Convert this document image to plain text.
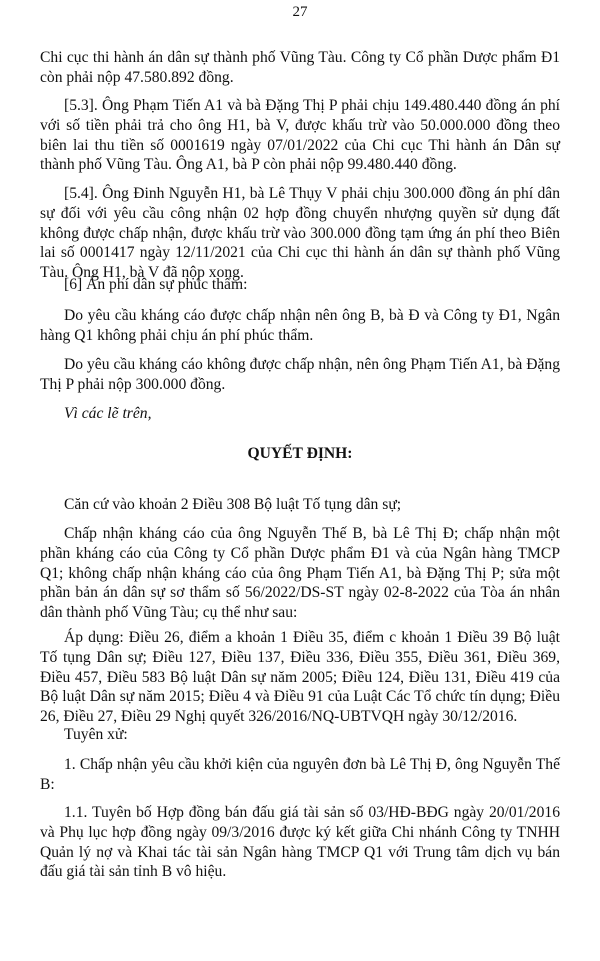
27

Chi cục thi hành án dân sự thành phố Vũng Tàu. Công ty Cổ phần Dược phẩm Đ1 còn phải nộp 47.580.892 đồng.

[5.3]. Ông Phạm Tiến A1 và bà Đặng Thị P phải chịu 149.480.440 đồng án phí với số tiền phải trả cho ông H1, bà V, được khấu trừ vào 50.000.000 đồng theo biên lai thu tiền số 0001619 ngày 07/01/2022 của Chi cục Thi hành án Dân sự thành phố Vũng Tàu. Ông A1, bà P còn phải nộp 99.480.440 đồng.

[5.4]. Ông Đinh Nguyễn H1, bà Lê Thụy V phải chịu 300.000 đồng án phí dân sự đối với yêu cầu công nhận 02 hợp đồng chuyển nhượng quyền sử dụng đất không được chấp nhận, được khấu trừ vào 300.000 đồng tạm ứng án phí theo Biên lai số 0001417 ngày 12/11/2021 của Chi cục thi hành án dân sự thành phố Vũng Tàu. Ông H1, bà V đã nộp xong.

[6] Án phí dân sự phúc thẩm:

Do yêu cầu kháng cáo được chấp nhận nên ông B, bà Đ và Công ty Đ1, Ngân hàng Q1 không phải chịu án phí phúc thẩm.

Do yêu cầu kháng cáo không được chấp nhận, nên ông Phạm Tiến A1, bà Đặng Thị P phải nộp 300.000 đồng.

Vì các lẽ trên,

QUYẾT ĐỊNH:

Căn cứ vào khoản 2 Điều 308 Bộ luật Tố tụng dân sự;

Chấp nhận kháng cáo của ông Nguyễn Thế B, bà Lê Thị Đ; chấp nhận một phần kháng cáo của Công ty Cổ phần Dược phẩm Đ1 và của Ngân hàng TMCP Q1; không chấp nhận kháng cáo của ông Phạm Tiến A1, bà Đặng Thị P; sửa một phần bản án dân sự sơ thẩm số 56/2022/DS-ST ngày 02-8-2022 của Tòa án nhân dân thành phố Vũng Tàu; cụ thể như sau:

Áp dụng: Điều 26, điểm a khoản 1 Điều 35, điểm c khoản 1 Điều 39 Bộ luật Tố tụng Dân sự; Điều 127, Điều 137, Điều 336, Điều 355, Điều 361, Điều 369, Điều 457, Điều 583 Bộ luật Dân sự năm 2005; Điều 124, Điều 131, Điều 419 của Bộ luật Dân sự năm 2015; Điều 4 và Điều 91 của Luật Các Tổ chức tín dụng; Điều 26, Điều 27, Điều 29 Nghị quyết 326/2016/NQ-UBTVQH ngày 30/12/2016.

Tuyên xử:

1. Chấp nhận yêu cầu khởi kiện của nguyên đơn bà Lê Thị Đ, ông Nguyễn Thế B:

1.1. Tuyên bố Hợp đồng bán đấu giá tài sản số 03/HĐ-BĐG ngày 20/01/2016 và Phụ lục hợp đồng ngày 09/3/2016 được ký kết giữa Chi nhánh Công ty TNHH Quản lý nợ và Khai tác tài sản Ngân hàng TMCP Q1 với Trung tâm dịch vụ bán đấu giá tài sản tỉnh B vô hiệu.
